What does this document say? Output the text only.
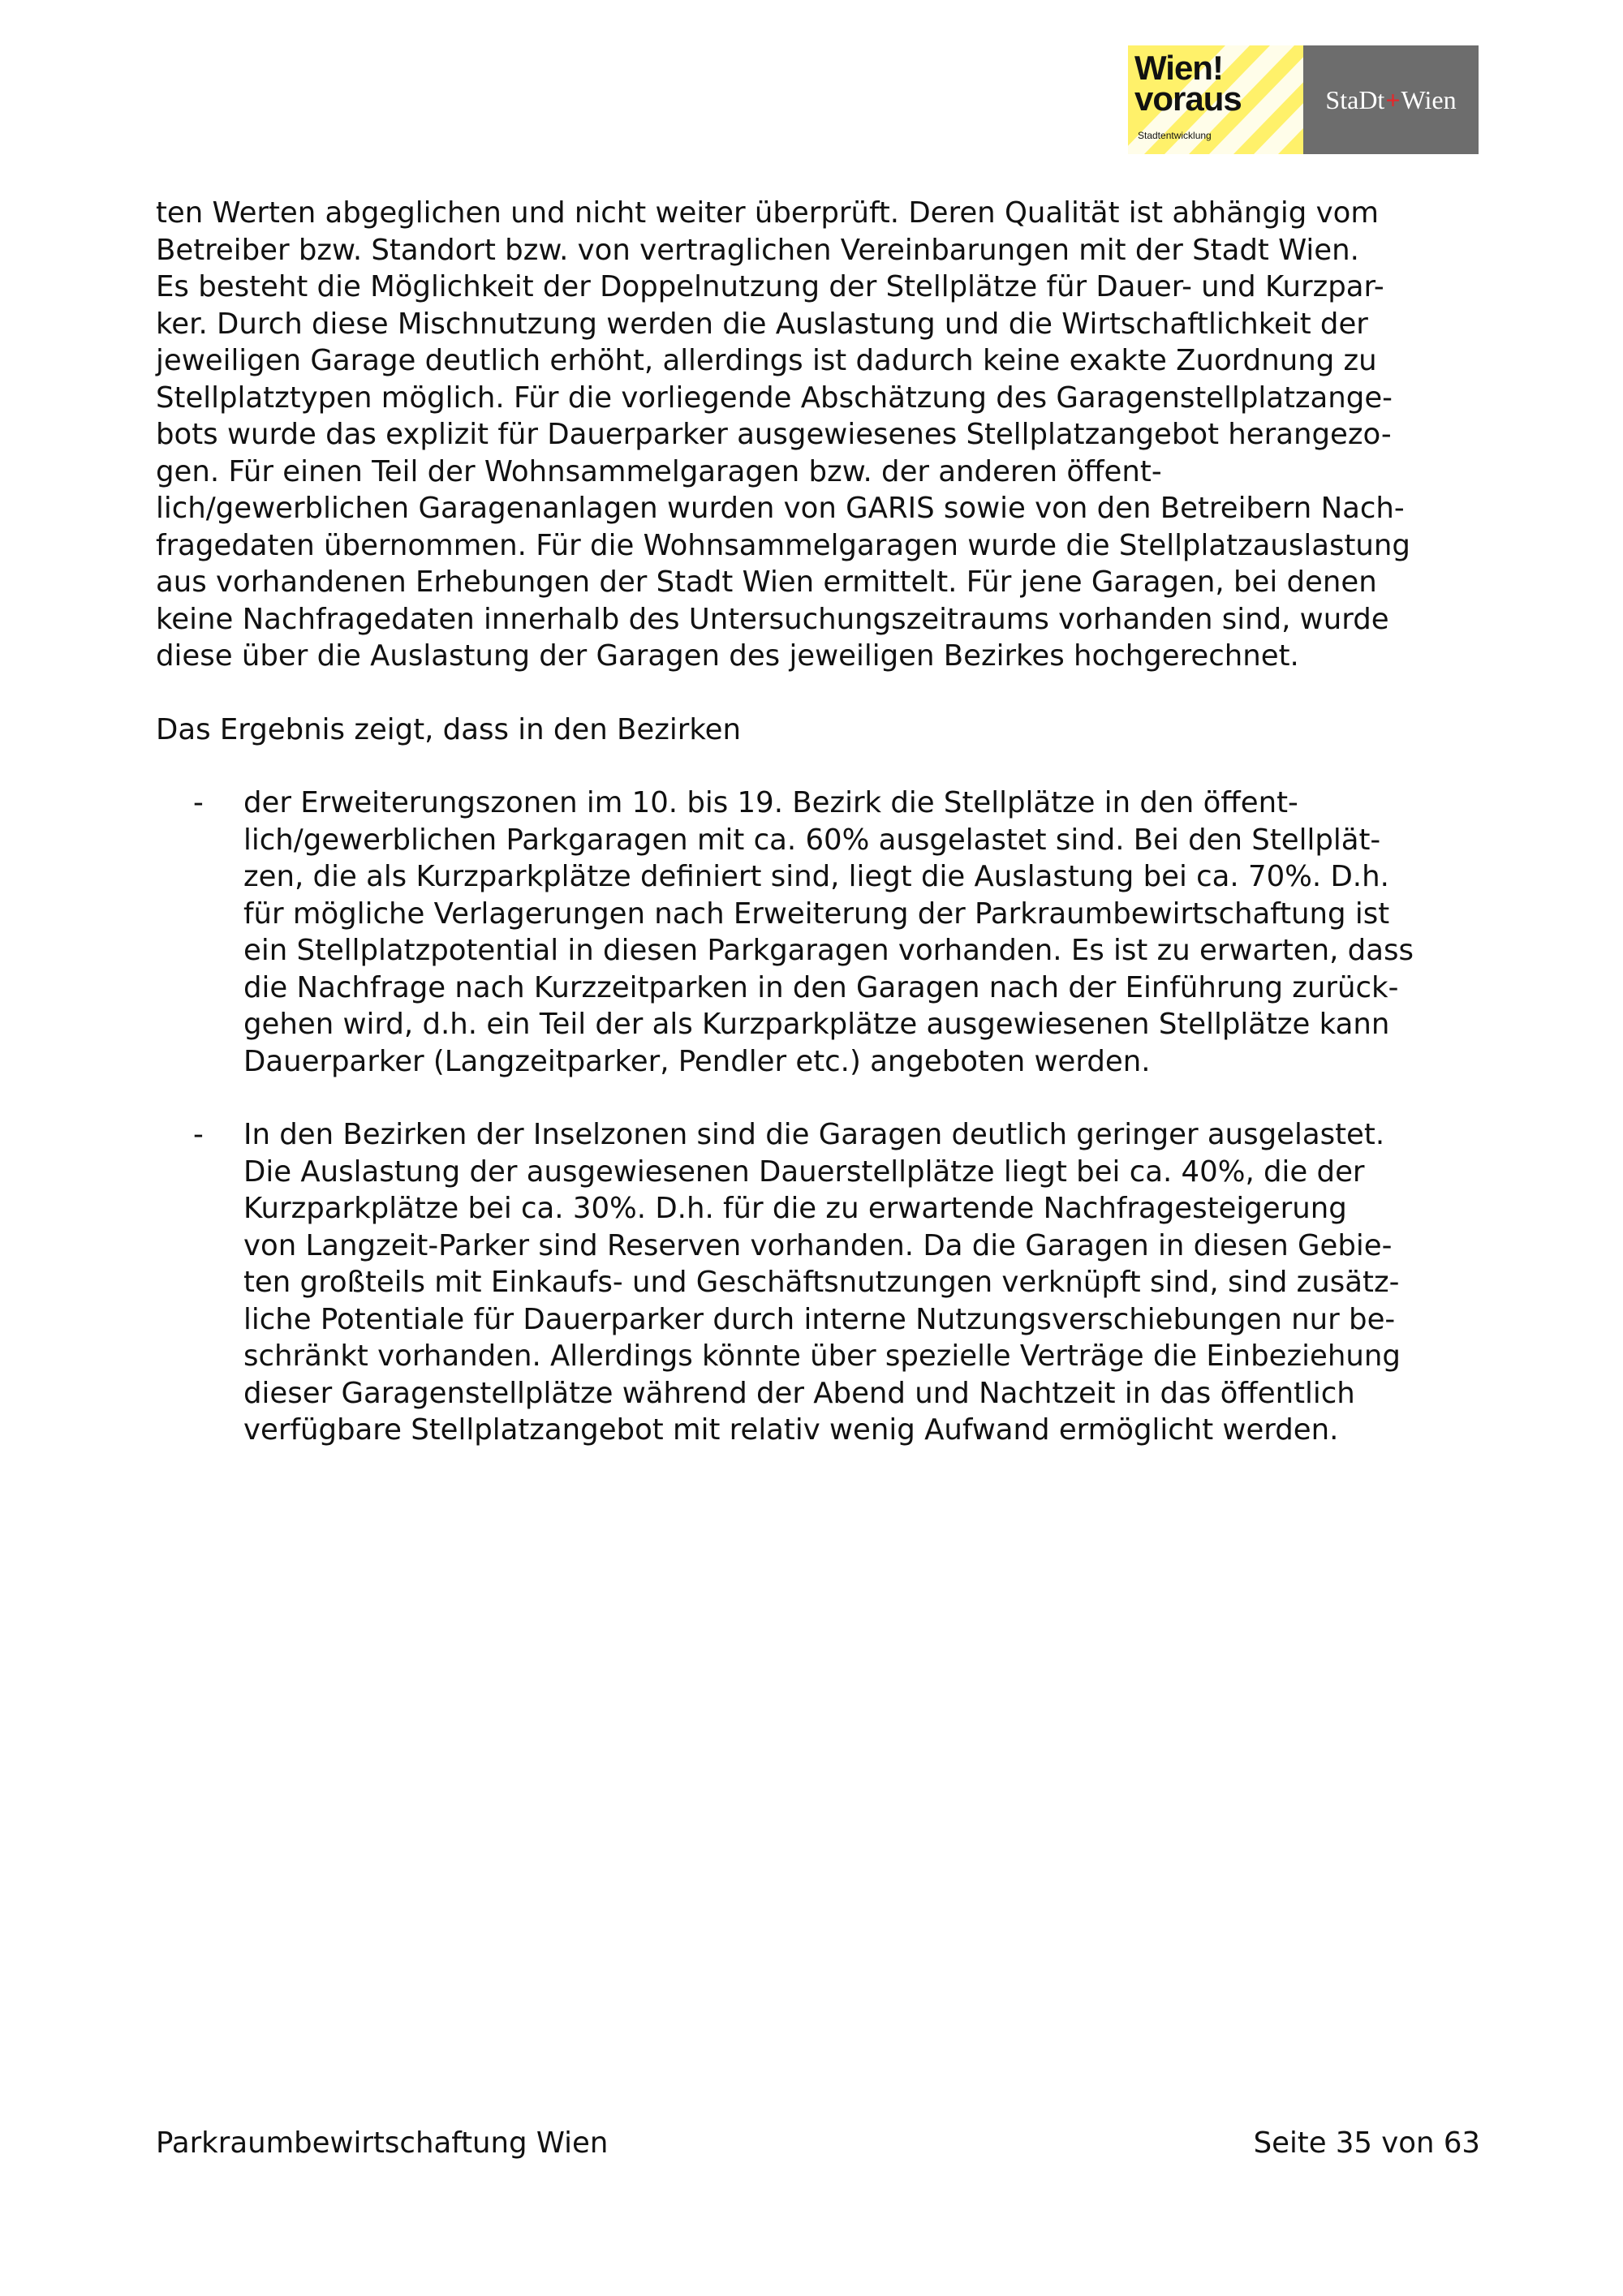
Wien!
voraus
Stadtentwicklung
StaDt + Wien

ten Werten abgeglichen und nicht weiter überprüft. Deren Qualität ist abhängig vom
Betreiber bzw. Standort bzw. von vertraglichen Vereinbarungen mit der Stadt Wien.
Es besteht die Möglichkeit der Doppelnutzung der Stellplätze für Dauer- und Kurzpar-
ker. Durch diese Mischnutzung werden die Auslastung und die Wirtschaftlichkeit der
jeweiligen Garage deutlich erhöht, allerdings ist dadurch keine exakte Zuordnung zu
Stellplatztypen möglich. Für die vorliegende Abschätzung des Garagenstellplatzange-
bots wurde das explizit für Dauerparker ausgewiesenes Stellplatzangebot herangezo-
gen. Für einen Teil der Wohnsammelgaragen bzw. der anderen öffent-
lich/gewerblichen Garagenanlagen wurden von GARIS sowie von den Betreibern Nach-
fragedaten übernommen. Für die Wohnsammelgaragen wurde die Stellplatzauslastung
aus vorhandenen Erhebungen der Stadt Wien ermittelt. Für jene Garagen, bei denen
keine Nachfragedaten innerhalb des Untersuchungszeitraums vorhanden sind, wurde
diese über die Auslastung der Garagen des jeweiligen Bezirkes hochgerechnet.

Das Ergebnis zeigt, dass in den Bezirken

- der Erweiterungszonen im 10. bis 19. Bezirk die Stellplätze in den öffent-
lich/gewerblichen Parkgaragen mit ca. 60% ausgelastet sind. Bei den Stellplät-
zen, die als Kurzparkplätze definiert sind, liegt die Auslastung bei ca. 70%. D.h.
für mögliche Verlagerungen nach Erweiterung der Parkraumbewirtschaftung ist
ein Stellplatzpotential in diesen Parkgaragen vorhanden. Es ist zu erwarten, dass
die Nachfrage nach Kurzzeitparken in den Garagen nach der Einführung zurück-
gehen wird, d.h. ein Teil der als Kurzparkplätze ausgewiesenen Stellplätze kann
Dauerparker (Langzeitparker, Pendler etc.) angeboten werden.
- In den Bezirken der Inselzonen sind die Garagen deutlich geringer ausgelastet.
Die Auslastung der ausgewiesenen Dauerstellplätze liegt bei ca. 40%, die der
Kurzparkplätze bei ca. 30%. D.h. für die zu erwartende Nachfragesteigerung
von Langzeit-Parker sind Reserven vorhanden. Da die Garagen in diesen Gebie-
ten großteils mit Einkaufs- und Geschäftsnutzungen verknüpft sind, sind zusätz-
liche Potentiale für Dauerparker durch interne Nutzungsverschiebungen nur be-
schränkt vorhanden. Allerdings könnte über spezielle Verträge die Einbeziehung
dieser Garagenstellplätze während der Abend und Nachtzeit in das öffentlich
verfügbare Stellplatzangebot mit relativ wenig Aufwand ermöglicht werden.
Parkraumbewirtschaftung Wien	Seite 35 von 63
